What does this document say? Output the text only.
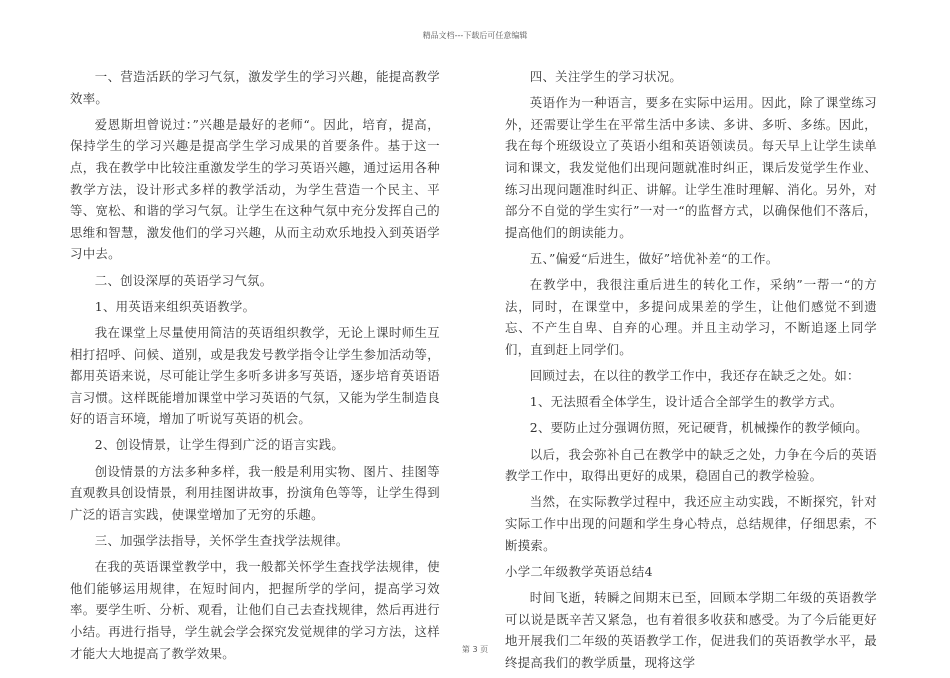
精品文档---下载后可任意编辑

一、营造活跃的学习气氛，激发学生的学习兴趣，能提高教学效率。

爱恩斯坦曾说过：”兴趣是最好的老师“。因此，培育，提高，保持学生的学习兴趣是提高学生学习成果的首要条件。基于这一点，我在教学中比较注重激发学生的学习英语兴趣，通过运用各种教学方法，设计形式多样的教学活动，为学生营造一个民主、平等、宽松、和谐的学习气氛。让学生在这种气氛中充分发挥自己的思维和智慧，激发他们的学习兴趣，从而主动欢乐地投入到英语学习中去。

二、创设深厚的英语学习气氛。

1、用英语来组织英语教学。

我在课堂上尽量使用简洁的英语组织教学，无论上课时师生互相打招呼、问候、道别，或是我发号教学指令让学生参加活动等，都用英语来说，尽可能让学生多听多讲多写英语，逐步培育英语语言习惯。这样既能增加课堂中学习英语的气氛，又能为学生制造良好的语言环境，增加了听说写英语的机会。

2、创设情景，让学生得到广泛的语言实践。

创设情景的方法多种多样，我一般是利用实物、图片、挂图等直观教具创设情景，利用挂图讲故事，扮演角色等等，让学生得到广泛的语言实践，使课堂增加了无穷的乐趣。

三、加强学法指导，关怀学生查找学法规律。

在我的英语课堂教学中，我一般都关怀学生查找学法规律，使他们能够运用规律，在短时间内，把握所学的学问，提高学习效率。要学生听、分析、观看，让他们自己去查找规律，然后再进行小结。再进行指导，学生就会学会探究发觉规律的学习方法，这样才能大大地提高了教学效果。

四、关注学生的学习状况。

英语作为一种语言，要多在实际中运用。因此，除了课堂练习外，还需要让学生在平常生活中多读、多讲、多听、多练。因此，我在每个班级设立了英语小组和英语领读员。每天早上让学生读单词和课文，我发觉他们出现问题就准时纠正，课后发觉学生作业、练习出现问题准时纠正、讲解。让学生准时理解、消化。另外，对部分不自觉的学生实行”一对一“的监督方式，以确保他们不落后，提高他们的朗读能力。

五、”偏爱“后进生，做好”培优补差“的工作。

在教学中，我很注重后进生的转化工作，采纳”一帮一“的方法，同时，在课堂中，多提问成果差的学生，让他们感觉不到遗忘、不产生自卑、自弃的心理。并且主动学习，不断追逐上同学们，直到赶上同学们。

回顾过去，在以往的教学工作中，我还存在缺乏之处。如：

1、无法照看全体学生，设计适合全部学生的教学方式。

2、要防止过分强调仿照，死记硬背，机械操作的教学倾向。

以后，我会弥补自己在教学中的缺乏之处，力争在今后的英语教学工作中，取得出更好的成果，稳固自己的教学检验。

当然，在实际教学过程中，我还应主动实践，不断探究，针对实际工作中出现的问题和学生身心特点，总结规律，仔细思索，不断摸索。

小学二年级教学英语总结4

时间飞逝，转瞬之间期末已至，回顾本学期二年级的英语教学可以说是既辛苦又紧急，也有着很多收获和感受。为了今后能更好地开展我们二年级的英语教学工作，促进我们的英语教学水平，最终提高我们的教学质量，现将这学

第 3 页
